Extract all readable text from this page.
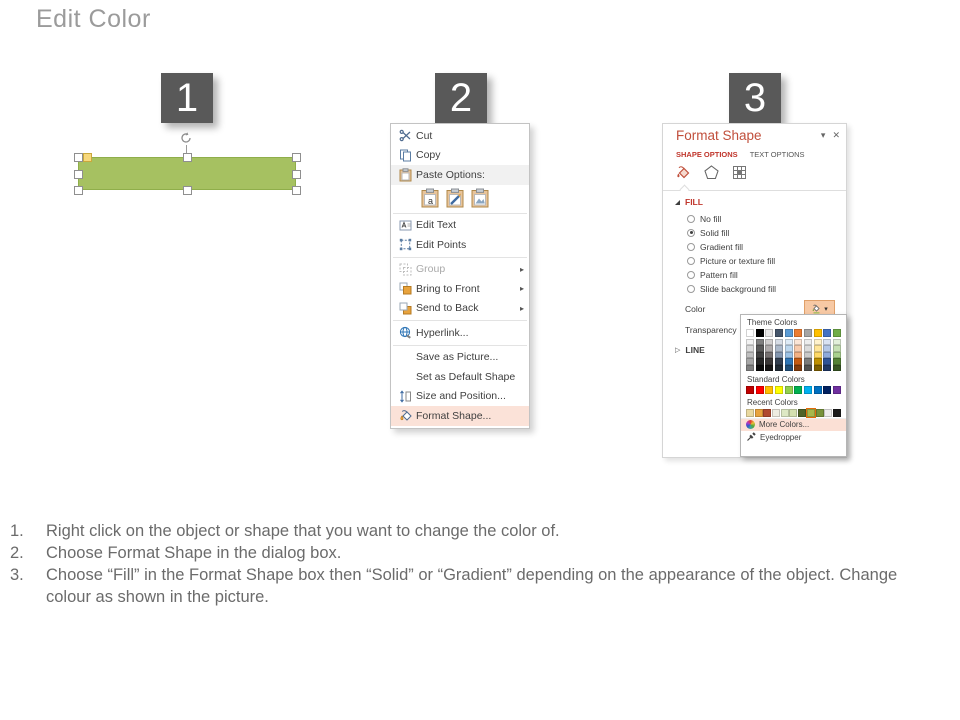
Edit Color
1	2	3
Cut
Copy
Paste Options:
a
Edit Text
Edit Points
Group	▸
Bring to Front	▸
Send to Back	▸
Hyperlink...
Save as Picture...
Set as Default Shape
Size and Position...
Format Shape...
Format Shape	▾ ✕
SHAPE OPTIONS TEXT OPTIONS
FILL
No fill
Solid fill
Gradient fill
Picture or texture fill
Pattern fill
Slide background fill
Color	▾
Transparency
▷ LINE
Theme Colors
Standard Colors
Recent Colors
More Colors...
Eyedropper
1.	Right click on the object or shape that you want to change the color of.
2.	Choose Format Shape in the dialog box.
3.	Choose “Fill” in the Format Shape box then “Solid” or “Gradient” depending on the appearance of the object. Change colour as shown in the picture.
